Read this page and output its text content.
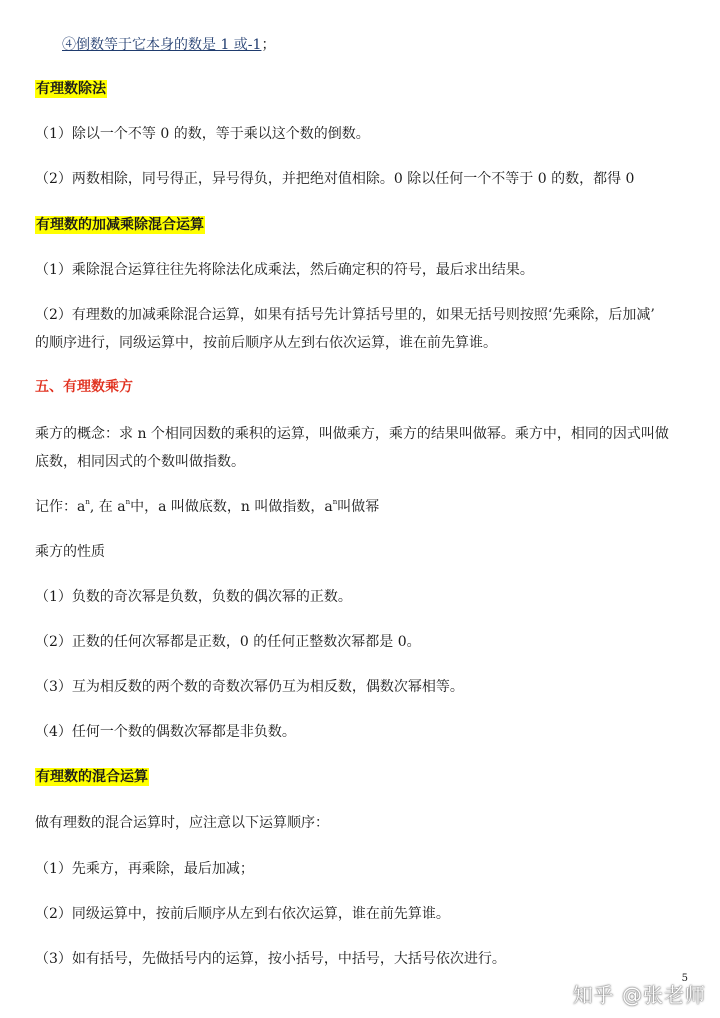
④倒数等于它本身的数是 1 或-1；
有理数除法
（1）除以一个不等 0 的数，等于乘以这个数的倒数。
（2）两数相除，同号得正，异号得负，并把绝对值相除。0 除以任何一个不等于 0 的数，都得 0
有理数的加减乘除混合运算
（1）乘除混合运算往往先将除法化成乘法，然后确定积的符号，最后求出结果。
（2）有理数的加减乘除混合运算，如果有括号先计算括号里的，如果无括号则按照‘先乘除，后加减’
的顺序进行，同级运算中，按前后顺序从左到右依次运算，谁在前先算谁。
五、有理数乘方
乘方的概念：求 n 个相同因数的乘积的运算，叫做乘方，乘方的结果叫做幂。乘方中，相同的因式叫做
底数，相同因式的个数叫做指数。
记作：$a^n$, 在 $a^n$中，a 叫做底数，n 叫做指数，$a^n$叫做幂
乘方的性质
（1）负数的奇次幂是负数，负数的偶次幂的正数。
（2）正数的任何次幂都是正数，0 的任何正整数次幂都是 0。
（3）互为相反数的两个数的奇数次幂仍互为相反数，偶数次幂相等。
（4）任何一个数的偶数次幂都是非负数。
有理数的混合运算
做有理数的混合运算时，应注意以下运算顺序：
（1）先乘方，再乘除，最后加减；
（2）同级运算中，按前后顺序从左到右依次运算，谁在前先算谁。
（3）如有括号，先做括号内的运算，按小括号，中括号，大括号依次进行。
5
知乎 @张老师
